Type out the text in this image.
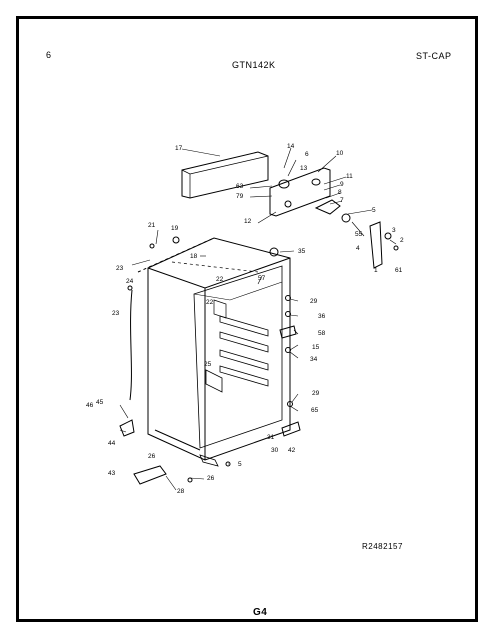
6
GTN142K
ST-CAP
R2482157
G4
17	14
6	10
13
11
63	9
8
79
7
12
5
55
3
2
4
1	61
21 19
23
18
22
35
57
24
22	29
36
58
23
25
15
34
29
65
46 45
44
31
30 42
26
5
43
28
26
